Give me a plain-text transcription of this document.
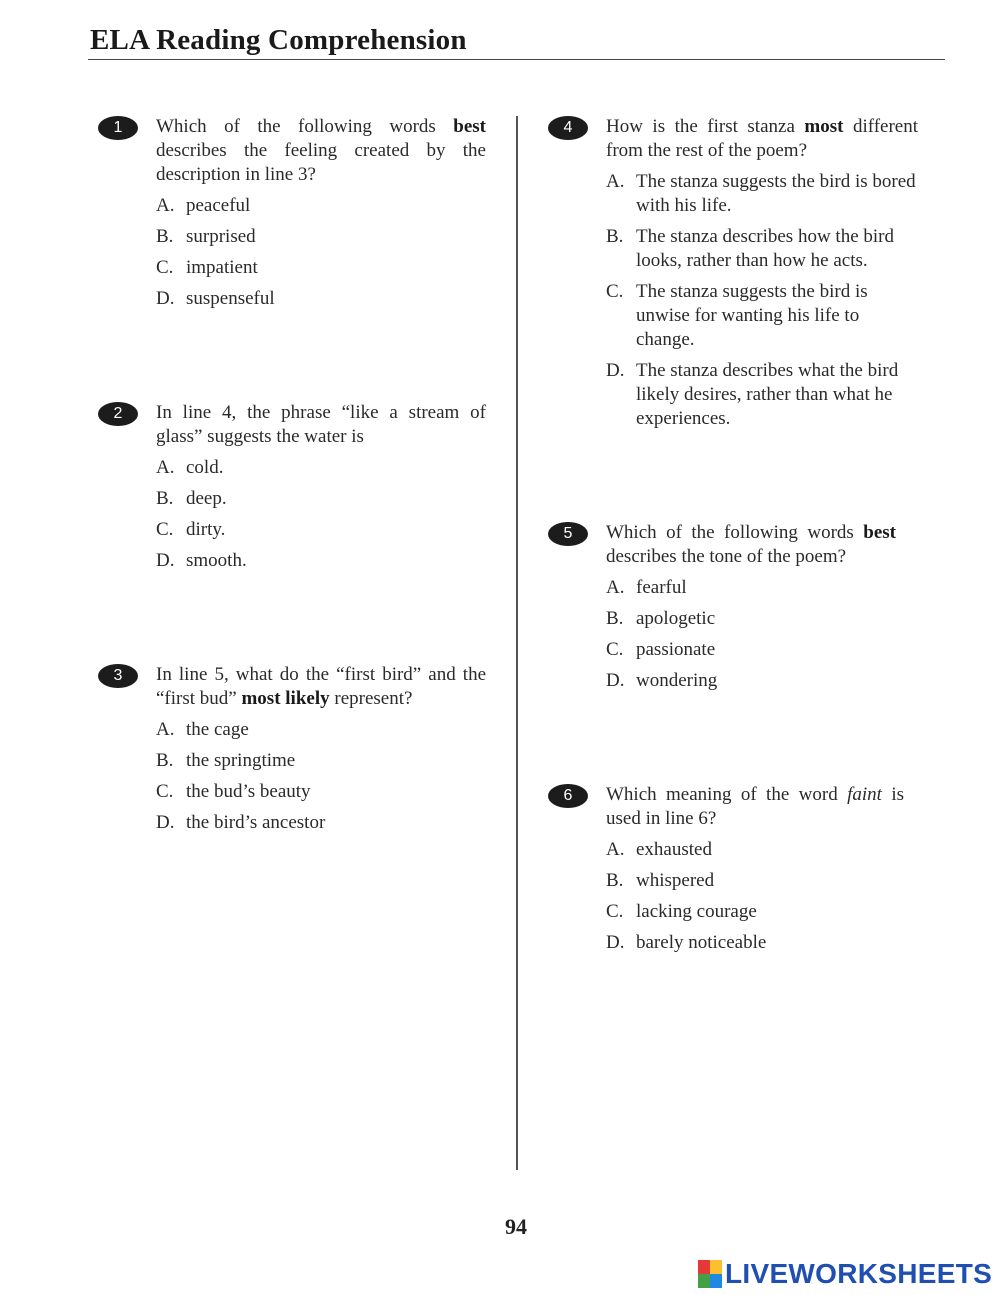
ELA Reading Comprehension
1	Which of the following words best describes the feeling created by the description in line 3?
A. peaceful
B. surprised
C. impatient
D. suspenseful
2	In line 4, the phrase “like a stream of glass” suggests the water is
A. cold.
B. deep.
C. dirty.
D. smooth.
3	In line 5, what do the “first bird” and the “first bud” most likely represent?
A. the cage
B. the springtime
C. the bud’s beauty
D. the bird’s ancestor
4	How is the first stanza most different from the rest of the poem?
A. The stanza suggests the bird is bored with his life.
B. The stanza describes how the bird looks, rather than how he acts.
C. The stanza suggests the bird is unwise for wanting his life to change.
D. The stanza describes what the bird likely desires, rather than what he experiences.
5	Which of the following words best describes the tone of the poem?
A. fearful
B. apologetic
C. passionate
D. wondering
6	Which meaning of the word faint is used in line 6?
A. exhausted
B. whispered
C. lacking courage
D. barely noticeable
94
LIVEWORKSHEETS
